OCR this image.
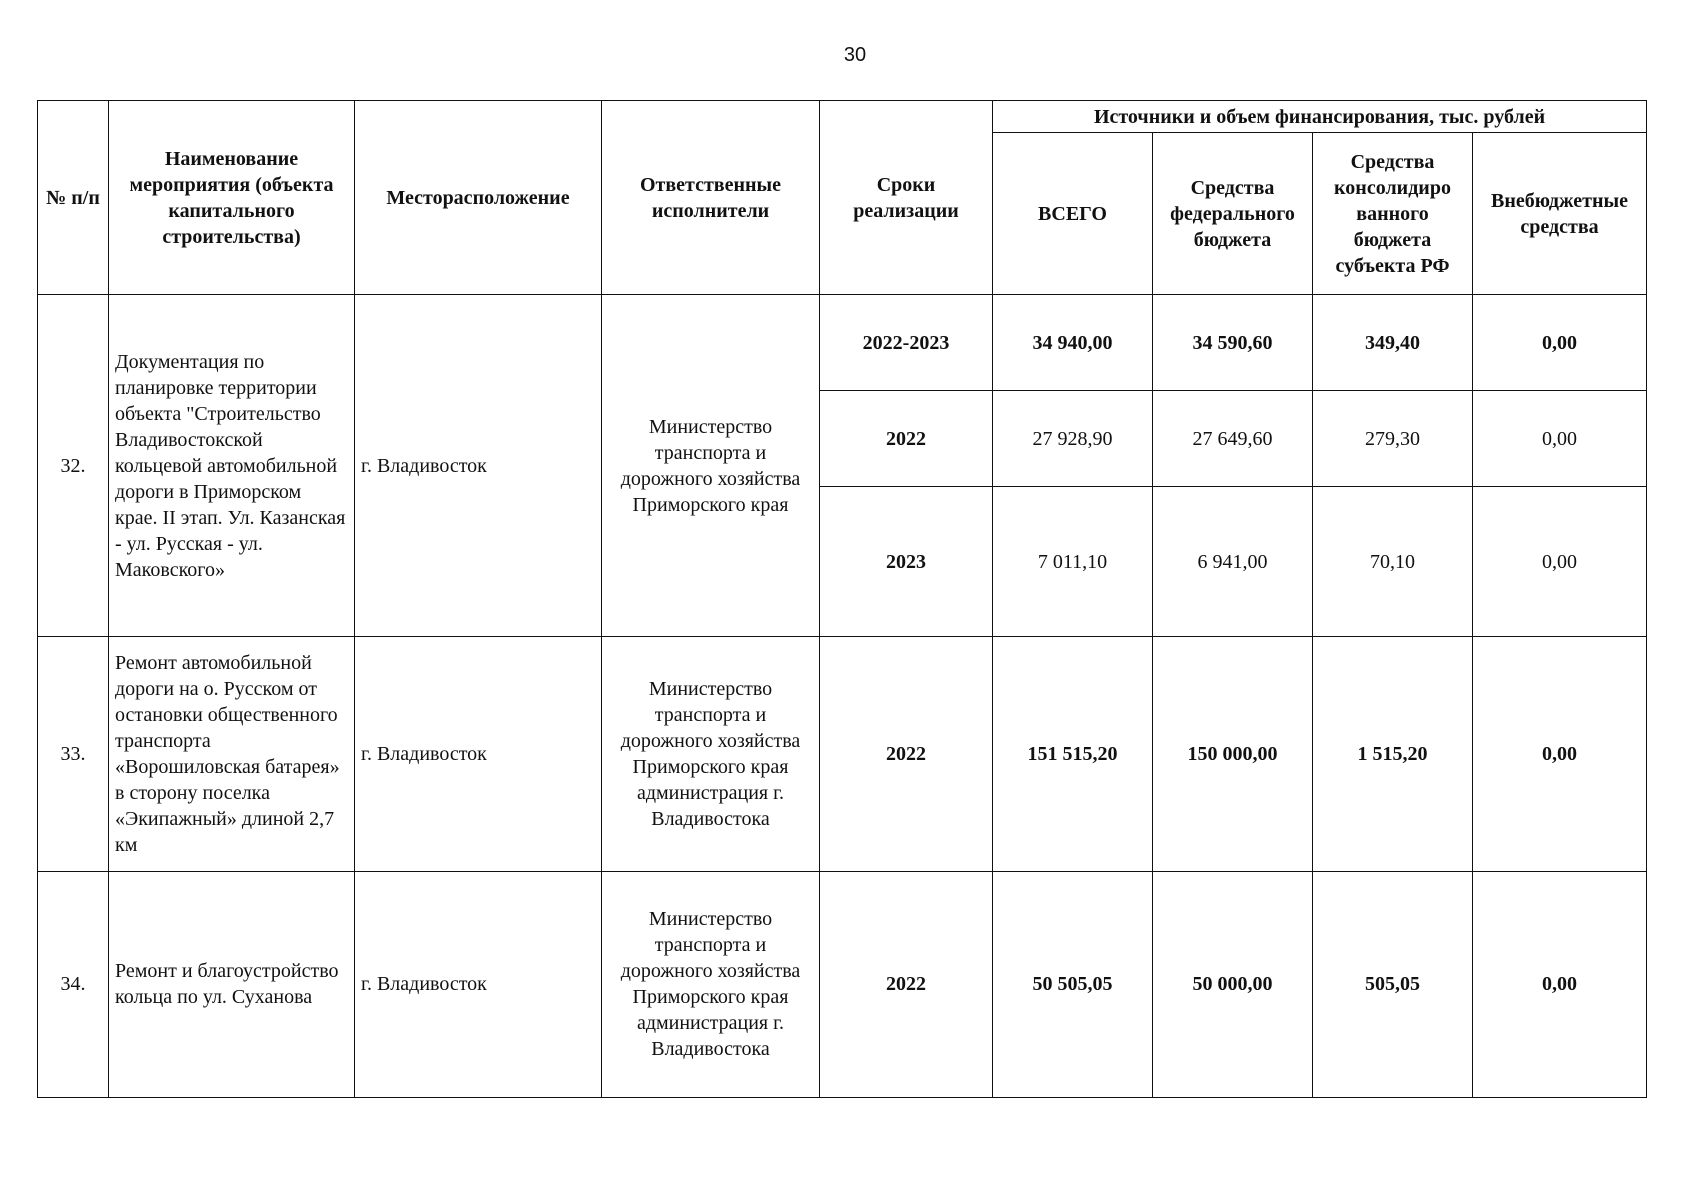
30
№ п/п	Наименование мероприятия (объекта капитального строительства)	Месторасположение	Ответственные исполнители	Сроки реализации	Источники и объем финансирования, тыс. рублей			
					ВСЕГО	Средства федерального бюджета	Средства консолидиро ванного бюджета субъекта РФ	Внебюджетные средства
32.	Документация по планировке территории объекта "Строительство Владивостокской кольцевой автомобильной дороги в Приморском крае. II этап. Ул. Казанская - ул. Русская - ул. Маковского»	г. Владивосток	Министерство транспорта и дорожного хозяйства Приморского края	2022-2023	34 940,00	34 590,60	349,40	0,00
				2022	27 928,90	27 649,60	279,30	0,00
				2023	7 011,10	6 941,00	70,10	0,00
33.	Ремонт автомобильной дороги на о. Русском от остановки общественного транспорта «Ворошиловская батарея» в сторону поселка «Экипажный» длиной 2,7 км	г. Владивосток	Министерство транспорта и дорожного хозяйства Приморского края администрация г. Владивостока	2022	151 515,20	150 000,00	1 515,20	0,00
34.	Ремонт и благоустройство кольца по ул. Суханова	г. Владивосток	Министерство транспорта и дорожного хозяйства Приморского края администрация г. Владивостока	2022	50 505,05	50 000,00	505,05	0,00
